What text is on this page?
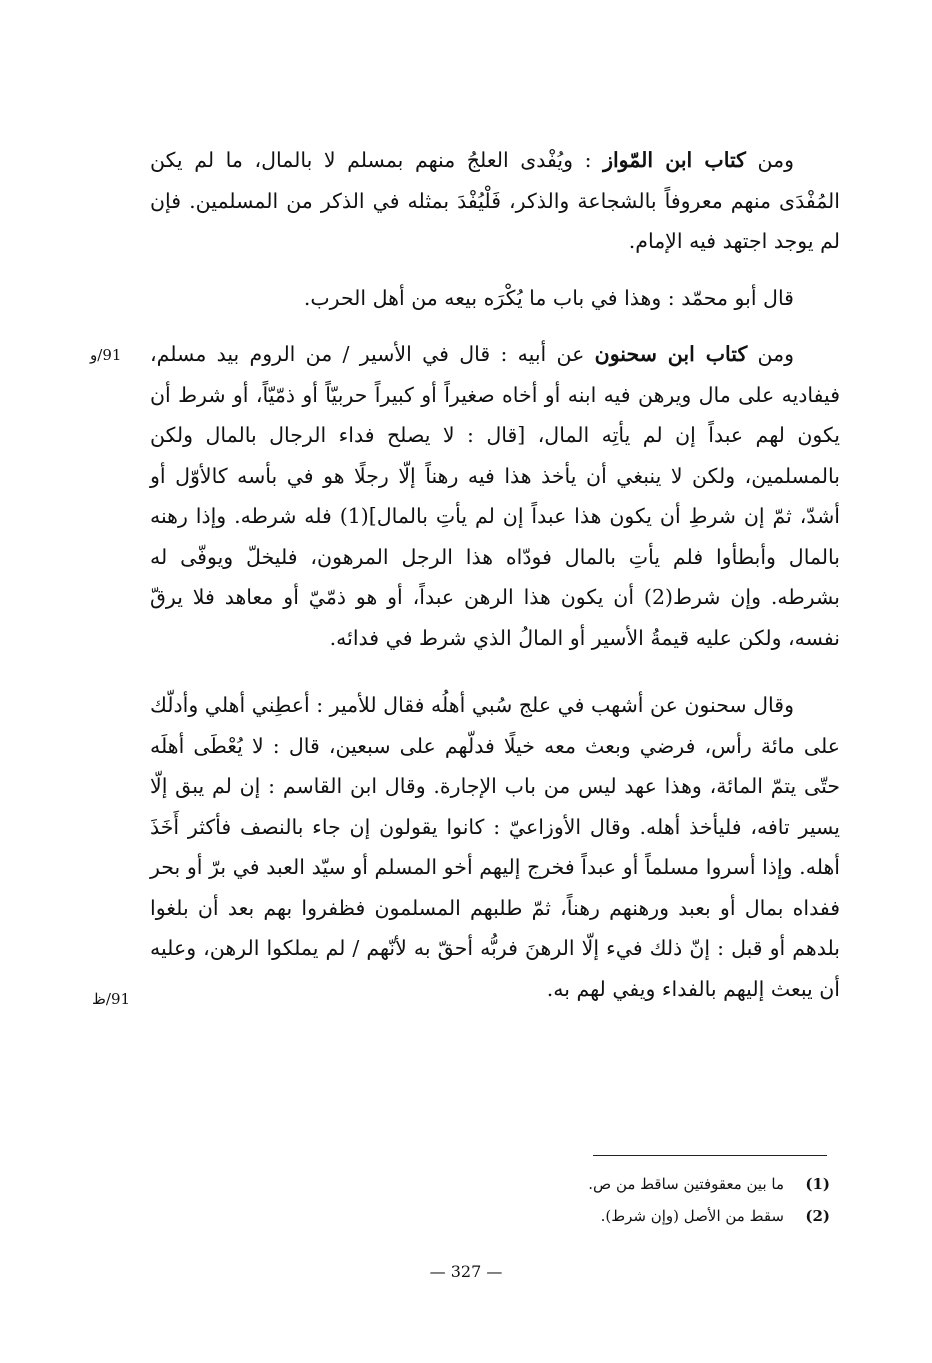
ومن كتاب ابن المّواز : ويُفْدى العلجُ منهم بمسلم لا بالمال، ما لم يكن المُفْدَى منهم معروفاً بالشجاعة والذكر، فَلْيُفْدَ بمثله في الذكر من المسلمين. فإن لم يوجد اجتهد فيه الإمام.
قال أبو محمّد : وهذا في باب ما يُكْرَه بيعه من أهل الحرب.
ومن كتاب ابن سحنون عن أبيه : قال في الأسير / من الروم بيد مسلم، فيفاديه على مال ويرهن فيه ابنه أو أخاه صغيراً أو كبيراً حربيّاً أو ذمّيّاً، أو شرط أن يكون لهم عبداً إن لم يأتِه المال، [قال : لا يصلح فداء الرجال بالمال ولكن بالمسلمين، ولكن لا ينبغي أن يأخذ هذا فيه رهناً إلّا رجلًا هو في بأسه كالأوّل أو أشدّ، ثمّ إن شرطِ أن يكون هذا عبداً إن لم يأتِ بالمال](1) فله شرطه. وإذا رهنه بالمال وأبطأوا فلم يأتِ بالمال فودّاه هذا الرجل المرهون، فليخلّ ويوفّى له بشرطه. وإن شرط(2) أن يكون هذا الرهن عبداً، أو هو ذمّيّ أو معاهد فلا يرقّ نفسه، ولكن عليه قيمةُ الأسير أو المالُ الذي شرط في فدائه.
وقال سحنون عن أشهب في علج سُبي أهلُه فقال للأمير : أعطِني أهلي وأدلّك على مائة رأس، فرضي وبعث معه خيلًا فدلّهم على سبعين، قال : لا يُعْطَى أهلَه حتّى يتمّ المائة، وهذا عهد ليس من باب الإجارة. وقال ابن القاسم : إن لم يبق إلّا يسير تافه، فليأخذ أهله. وقال الأوزاعيّ : كانوا يقولون إن جاء بالنصف فأكثر أَخَذَ أهله. وإذا أسروا مسلماً أو عبداً فخرج إليهم أخو المسلم أو سيّد العبد في برّ أو بحر ففداه بمال أو بعبد ورهنهم رهناً، ثمّ طلبهم المسلمون فظفروا بهم بعد أن بلغوا بلدهم أو قبل : إنّ ذلك فيء إلّا الرهنَ فربُّه أحقّ به لأنّهم / لم يملكوا الرهن، وعليه أن يبعث إليهم بالفداء ويفي لهم به.
91/و
91/ظ
(1)ما بين معقوفتين ساقط من ص.
(2)سقط من الأصل (وإن شرط).
— 327 —
